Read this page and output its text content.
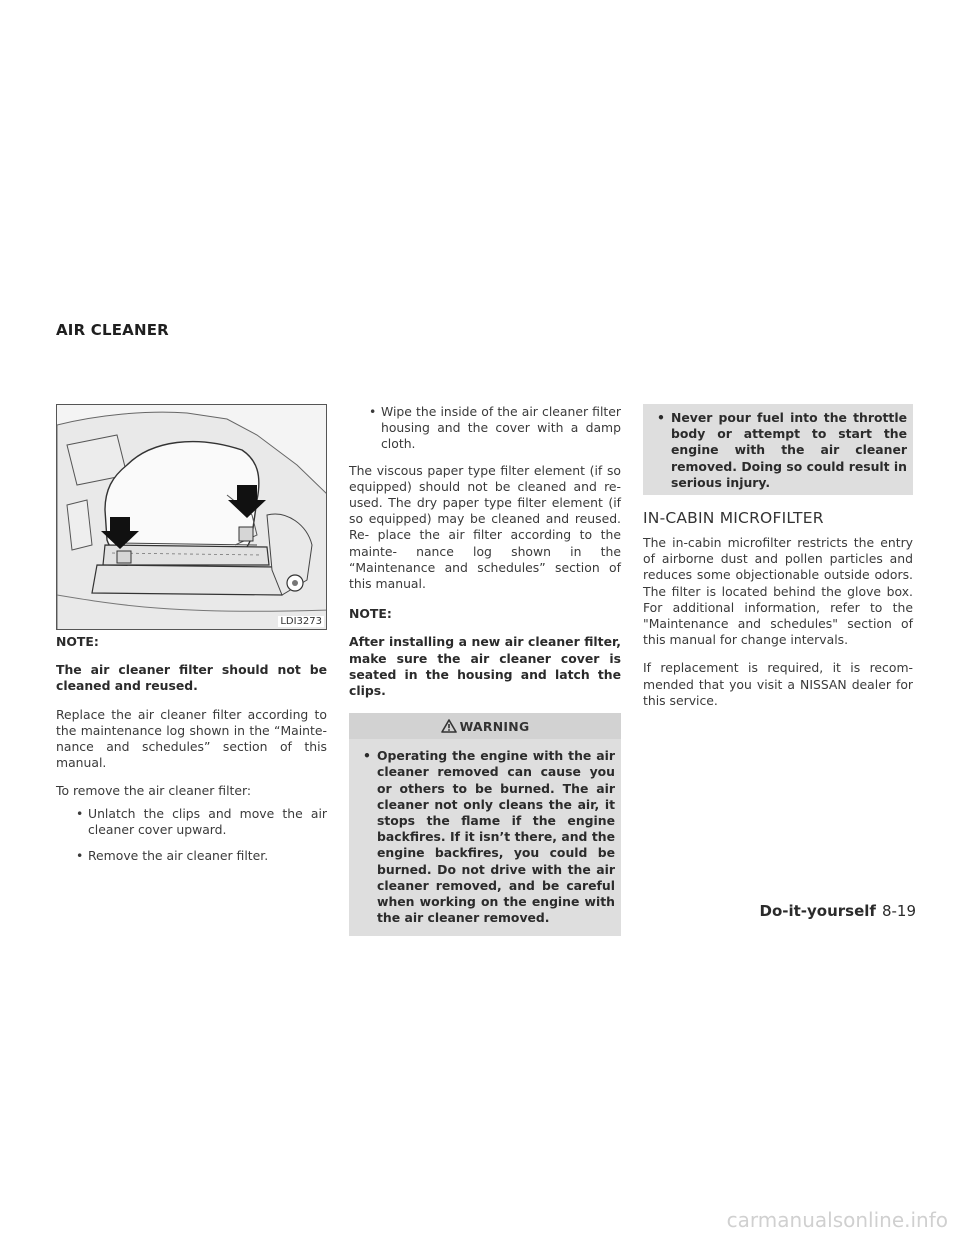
AIR CLEANER
LDI3273

NOTE:

The air cleaner filter should not be cleaned and reused.

Replace the air cleaner filter according to the maintenance log shown in the “Mainte- nance and schedules” section of this manual.

To remove the air cleaner filter:

• Unlatch the clips and move the air cleaner cover upward.

• Remove the air cleaner filter.

• Wipe the inside of the air cleaner filter housing and the cover with a damp cloth.

The viscous paper type filter element (if so equipped) should not be cleaned and re- used. The dry paper type filter element (if so equipped) may be cleaned and reused. Re- place the air filter according to the mainte- nance log shown in the “Maintenance and schedules” section of this manual.

NOTE:

After installing a new air cleaner filter, make sure the air cleaner cover is seated in the housing and latch the clips.

WARNING

• Operating the engine with the air cleaner removed can cause you or others to be burned. The air cleaner not only cleans the air, it stops the flame if the engine backfires. If it isn’t there, and the engine backfires, you could be burned. Do not drive with the air cleaner removed, and be careful when working on the engine with the air cleaner removed.

• Never pour fuel into the throttle body or attempt to start the engine with the air cleaner removed. Doing so could result in serious injury.

IN-CABIN MICROFILTER

The in-cabin microfilter restricts the entry of airborne dust and pollen particles and reduces some objectionable outside odors. The filter is located behind the glove box. For additional information, refer to the "Maintenance and schedules" section of this manual for change intervals.

If replacement is required, it is recom- mended that you visit a NISSAN dealer for this service.

Do-it-yourself 8-19
carmanualsonline.info
